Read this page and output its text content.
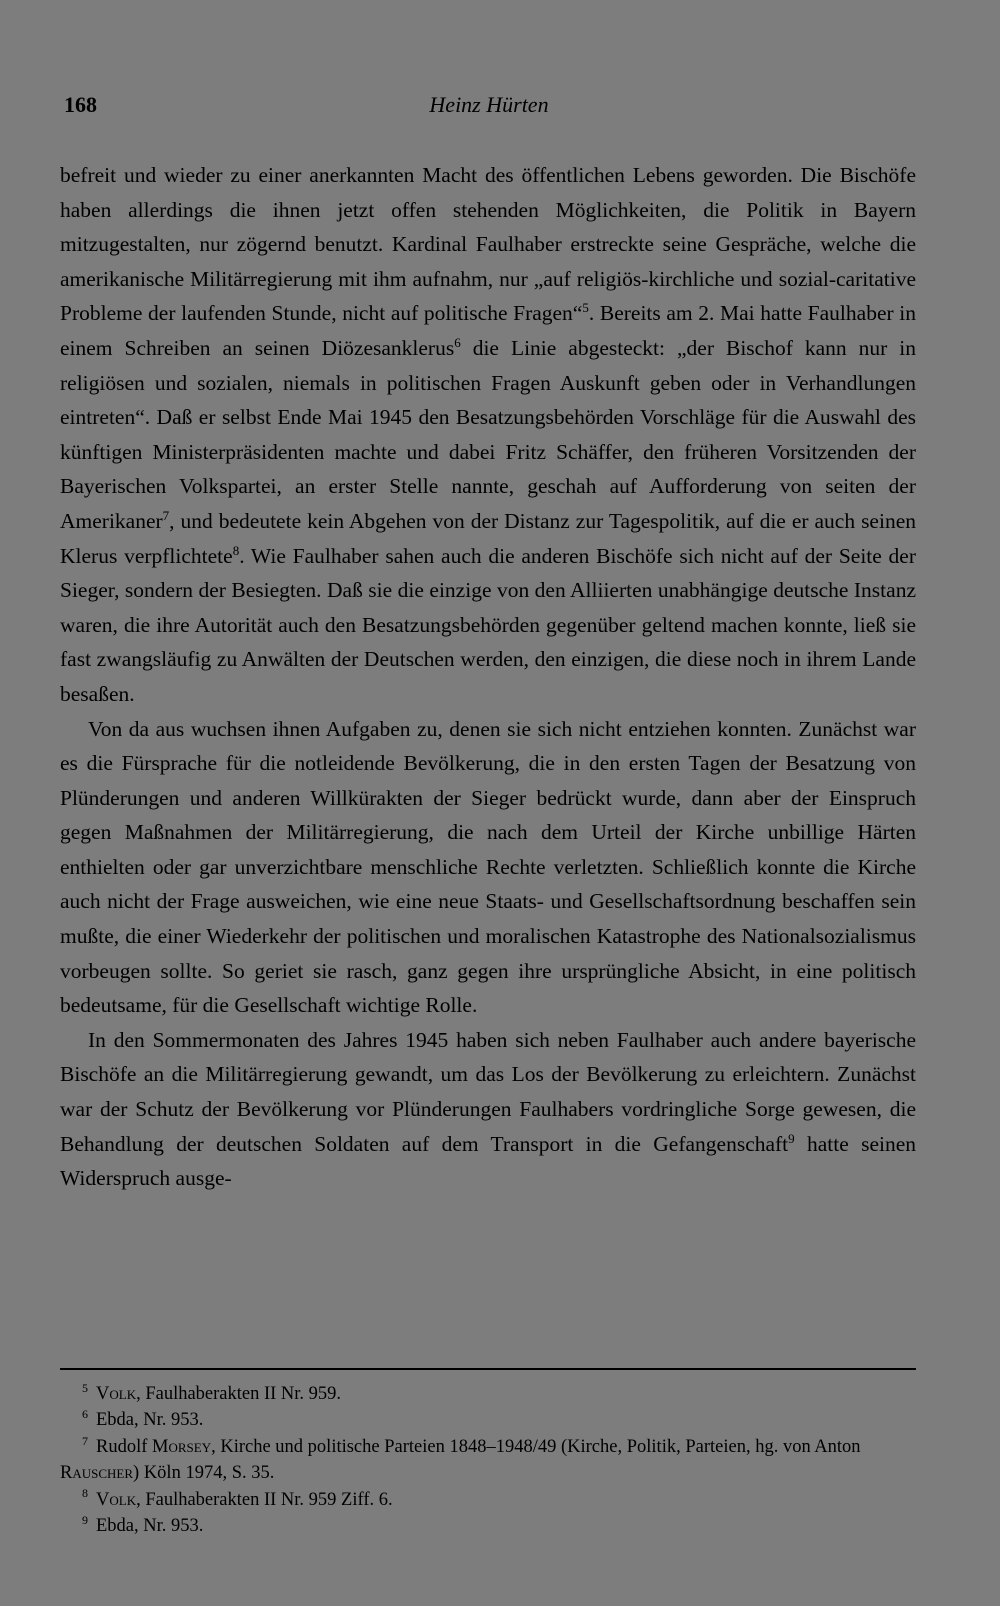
168	Heinz Hürten

befreit und wieder zu einer anerkannten Macht des öffentlichen Lebens geworden. Die Bischöfe haben allerdings die ihnen jetzt offen stehenden Möglichkeiten, die Politik in Bayern mitzugestalten, nur zögernd benutzt. Kardinal Faulhaber erstreckte seine Gespräche, welche die amerikanische Militärregierung mit ihm aufnahm, nur „auf religiös-kirchliche und sozial-caritative Probleme der laufenden Stunde, nicht auf politische Fragen“$^5$. Bereits am 2. Mai hatte Faulhaber in einem Schreiben an seinen Diözesanklerus$^6$ die Linie abgesteckt: „der Bischof kann nur in religiösen und sozialen, niemals in politischen Fragen Auskunft geben oder in Verhandlungen eintreten“. Daß er selbst Ende Mai 1945 den Besatzungsbehörden Vorschläge für die Auswahl des künftigen Ministerpräsidenten machte und dabei Fritz Schäffer, den früheren Vorsitzenden der Bayerischen Volkspartei, an erster Stelle nannte, geschah auf Aufforderung von seiten der Amerikaner$^7$, und bedeutete kein Abgehen von der Distanz zur Tagespolitik, auf die er auch seinen Klerus verpflichtete$^8$. Wie Faulhaber sahen auch die anderen Bischöfe sich nicht auf der Seite der Sieger, sondern der Besiegten. Daß sie die einzige von den Alliierten unabhängige deutsche Instanz waren, die ihre Autorität auch den Besatzungsbehörden gegenüber geltend machen konnte, ließ sie fast zwangsläufig zu Anwälten der Deutschen werden, den einzigen, die diese noch in ihrem Lande besaßen.

Von da aus wuchsen ihnen Aufgaben zu, denen sie sich nicht entziehen konnten. Zunächst war es die Fürsprache für die notleidende Bevölkerung, die in den ersten Tagen der Besatzung von Plünderungen und anderen Willkürakten der Sieger bedrückt wurde, dann aber der Einspruch gegen Maßnahmen der Militärregierung, die nach dem Urteil der Kirche unbillige Härten enthielten oder gar unverzichtbare menschliche Rechte verletzten. Schließlich konnte die Kirche auch nicht der Frage ausweichen, wie eine neue Staats- und Gesellschaftsordnung beschaffen sein mußte, die einer Wiederkehr der politischen und moralischen Katastrophe des Nationalsozialismus vorbeugen sollte. So geriet sie rasch, ganz gegen ihre ursprüngliche Absicht, in eine politisch bedeutsame, für die Gesellschaft wichtige Rolle.

In den Sommermonaten des Jahres 1945 haben sich neben Faulhaber auch andere bayerische Bischöfe an die Militärregierung gewandt, um das Los der Bevölkerung zu erleichtern. Zunächst war der Schutz der Bevölkerung vor Plünderungen Faulhabers vordringliche Sorge gewesen, die Behandlung der deutschen Soldaten auf dem Transport in die Gefangenschaft$^9$ hatte seinen Widerspruch ausge-

$^5$ Volk, Faulhaberakten II Nr. 959.

$^6$ Ebda, Nr. 953.

$^7$ Rudolf Morsey, Kirche und politische Parteien 1848–1948/49 (Kirche, Politik, Parteien, hg. von Anton Rauscher) Köln 1974, S. 35.

$^8$ Volk, Faulhaberakten II Nr. 959 Ziff. 6.

$^9$ Ebda, Nr. 953.
